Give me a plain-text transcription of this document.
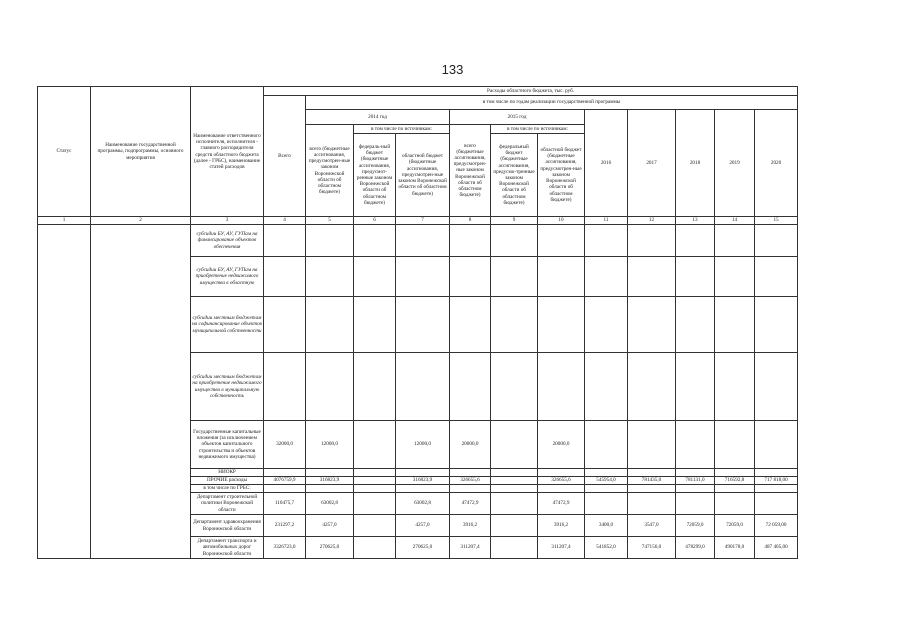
133
Статус	Наименование государственной программы, подпрограммы, основного мероприятия	Наименование ответственного исполнителя, исполнителя - главного распорядителя средств областного бюджета (далее - ГРБС), наименование статей расходов	Расходы областного бюджета, тыс. руб.											
			Всего	в том числе по годам реализации государственной программы										
				2014 год			2015 год			2016	2017	2018	2019	2020
				всего (бюджетные ассигнования, предусмотрен-ные законом Воронежской области об областном бюджете)	в том числе по источникам:		всего (бюджетные ассигнования, предусмотрен-ные законом Воронежской области об областном бюджете)	в том числе по источникам:						
					федераль-ный бюджет (бюджетные ассигнования, предусмот-ренные законом Воронежской области об областном бюджете)	областной бюджет (бюджетные ассигнования, предусмотрен-ные законом Воронежской области об областном бюджете)		федеральный бюджет (бюджетные ассигнования, предусмо-тренные законом Воронежской области об областном бюджете)	областной бюджет (бюджетные ассигнования, предусмотрен-ные законом Воронежской области об областном бюджете)					

1	2	3	4	5	6	7	8	9	10	11	12	13	14	15
		субсидии БУ, АУ, ГУПам на финансирование объектов обеспечения												
		субсидии БУ, АУ, ГУПам на приобретение недвижимого имущества в областную												
		субсидии местным бюджетам на софинансирование объектов муниципальной собственности												
		субсидии местным бюджетам на приобретение недвижимого имущества в муниципальную собственность												
		Государственные капитальные вложения (за исключением объектов капитального строительства и объектов недвижимого имущества)	32000,0	12000,0		12000,0	20000,0		20000,0					
		НИОКР												
		ПРОЧИЕ расходы	4076759,9	316823,9		316823,9	326655,6		326655,6	545954,0	781435,0	781131,0	716592,8	717 818,00
		в том числе по ГРБС:												
		Департамент строительной политики Воронежской области	110475,7	63002,8		63002,8	47472,9		47472,9					
		Департамент здравоохранения Воронежской области	231297,2	4257,0		4257,0	3916,2		3916,2	3400,0	3547,0	72059,0	72059,0	72 059,00
		Департамент транспорта и автомобильных дорог Воронежской области	3326723,0	270625,0		270625,0	311207,4		311207,4	541852,0	747156,0	478299,0	490178,0	487 405,00
